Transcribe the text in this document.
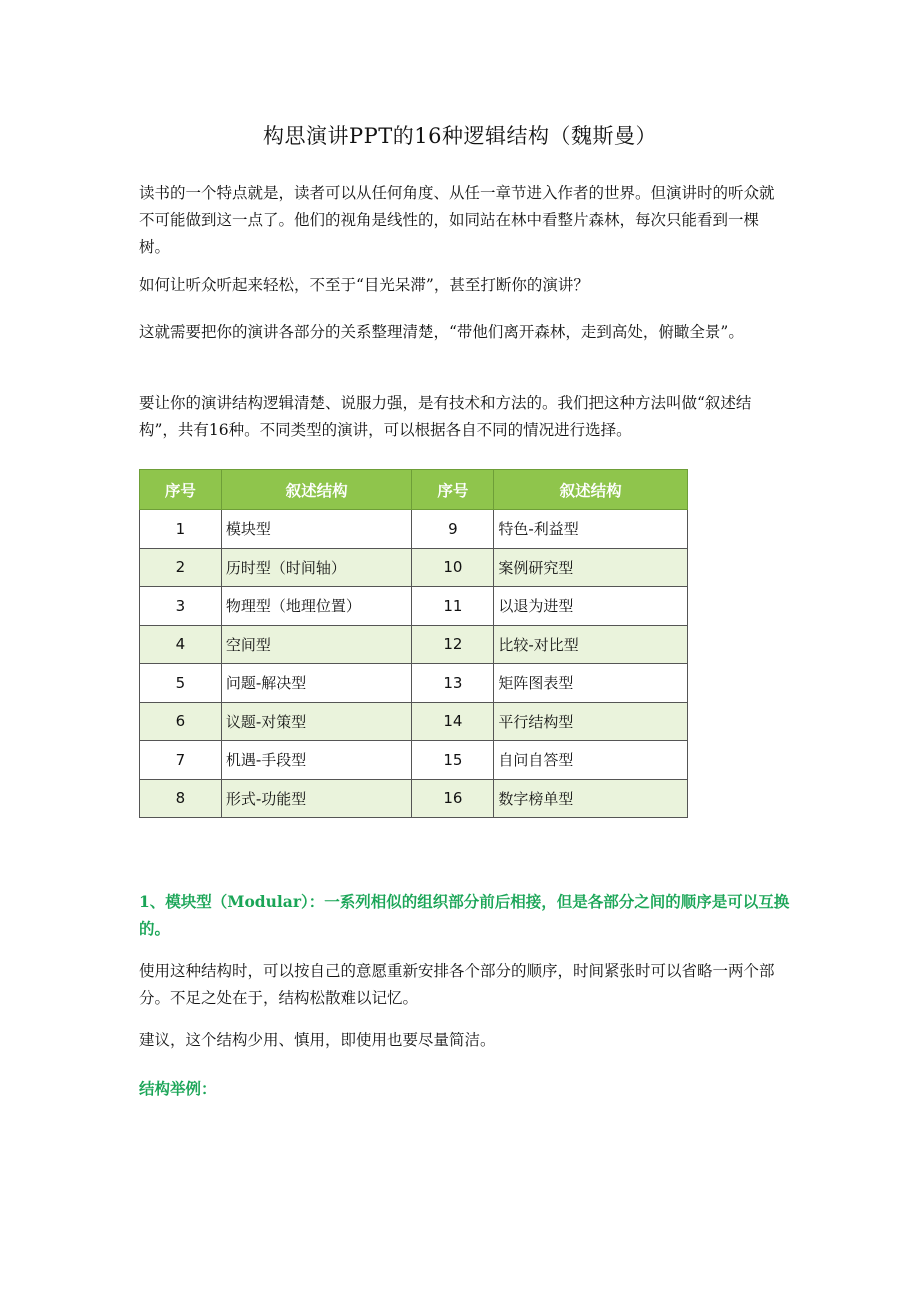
构思演讲PPT的16种逻辑结构（魏斯曼）

读书的一个特点就是，读者可以从任何角度、从任一章节进入作者的世界。但演讲时的听众就不可能做到这一点了。他们的视角是线性的，如同站在林中看整片森林，每次只能看到一棵树。

如何让听众听起来轻松，不至于“目光呆滞”，甚至打断你的演讲？

这就需要把你的演讲各部分的关系整理清楚，“带他们离开森林，走到高处，俯瞰全景”。

要让你的演讲结构逻辑清楚、说服力强，是有技术和方法的。我们把这种方法叫做“叙述结构”，共有16种。不同类型的演讲，可以根据各自不同的情况进行选择。

序号	叙述结构	序号	叙述结构
1	模块型	9	特色-利益型
2	历时型（时间轴）	10	案例研究型
3	物理型（地理位置）	11	以退为进型
4	空间型	12	比较-对比型
5	问题-解决型	13	矩阵图表型
6	议题-对策型	14	平行结构型
7	机遇-手段型	15	自问自答型
8	形式-功能型	16	数字榜单型

1、模块型（Modular）：一系列相似的组织部分前后相接，但是各部分之间的顺序是可以互换的。

使用这种结构时，可以按自己的意愿重新安排各个部分的顺序，时间紧张时可以省略一两个部分。不足之处在于，结构松散难以记忆。

建议，这个结构少用、慎用，即使用也要尽量简洁。

结构举例：
